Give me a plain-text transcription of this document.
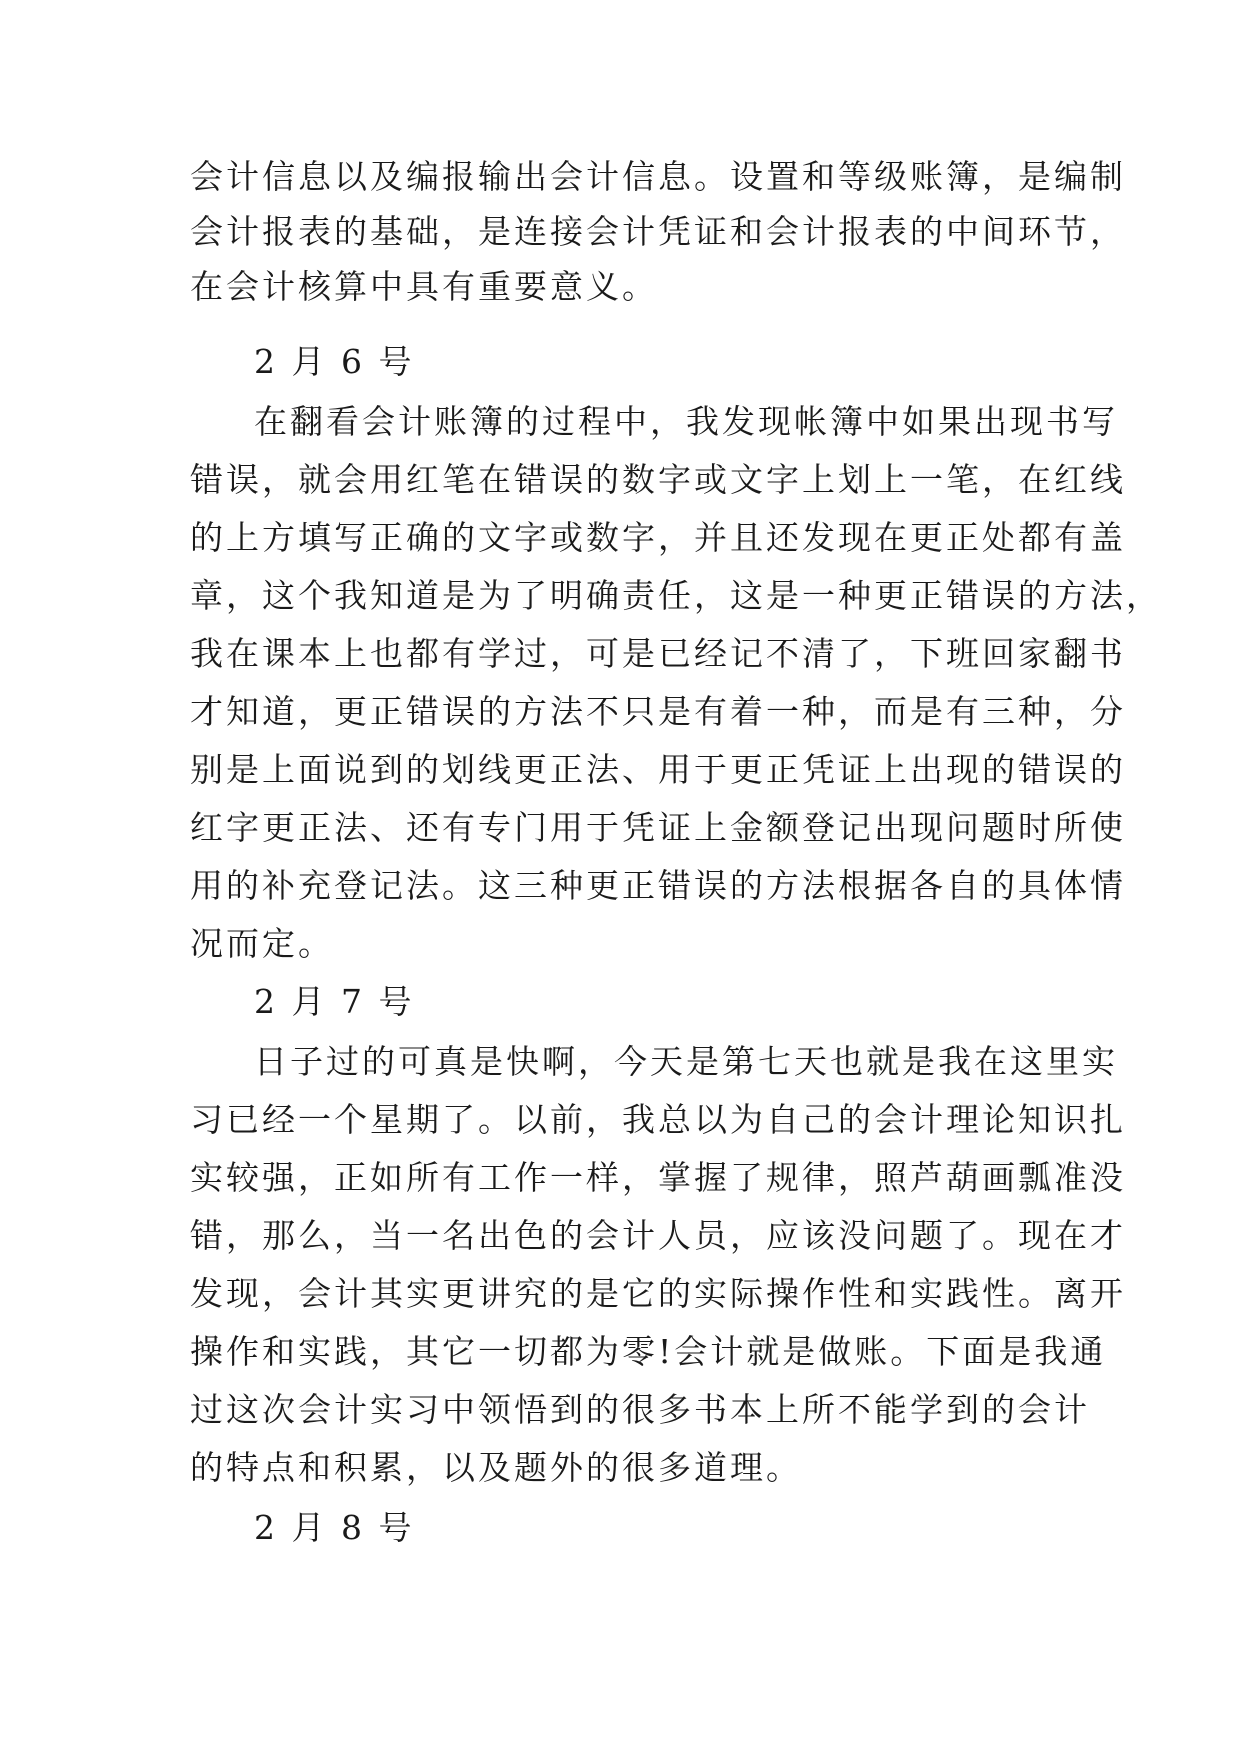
会计信息以及编报输出会计信息。设置和等级账簿，是编制

会计报表的基础，是连接会计凭证和会计报表的中间环节，

在会计核算中具有重要意义。

2 月 6 号

在翻看会计账簿的过程中，我发现帐簿中如果出现书写

错误，就会用红笔在错误的数字或文字上划上一笔，在红线

的上方填写正确的文字或数字，并且还发现在更正处都有盖

章，这个我知道是为了明确责任，这是一种更正错误的方法，

我在课本上也都有学过，可是已经记不清了，下班回家翻书

才知道，更正错误的方法不只是有着一种，而是有三种，分

别是上面说到的划线更正法、用于更正凭证上出现的错误的

红字更正法、还有专门用于凭证上金额登记出现问题时所使

用的补充登记法。这三种更正错误的方法根据各自的具体情

况而定。

2 月 7 号

日子过的可真是快啊，今天是第七天也就是我在这里实

习已经一个星期了。以前，我总以为自己的会计理论知识扎

实较强，正如所有工作一样，掌握了规律，照芦葫画瓢准没

错，那么，当一名出色的会计人员，应该没问题了。现在才

发现，会计其实更讲究的是它的实际操作性和实践性。离开

操作和实践，其它一切都为零!会计就是做账。下面是我通

过这次会计实习中领悟到的很多书本上所不能学到的会计

的特点和积累，以及题外的很多道理。

2 月 8 号
